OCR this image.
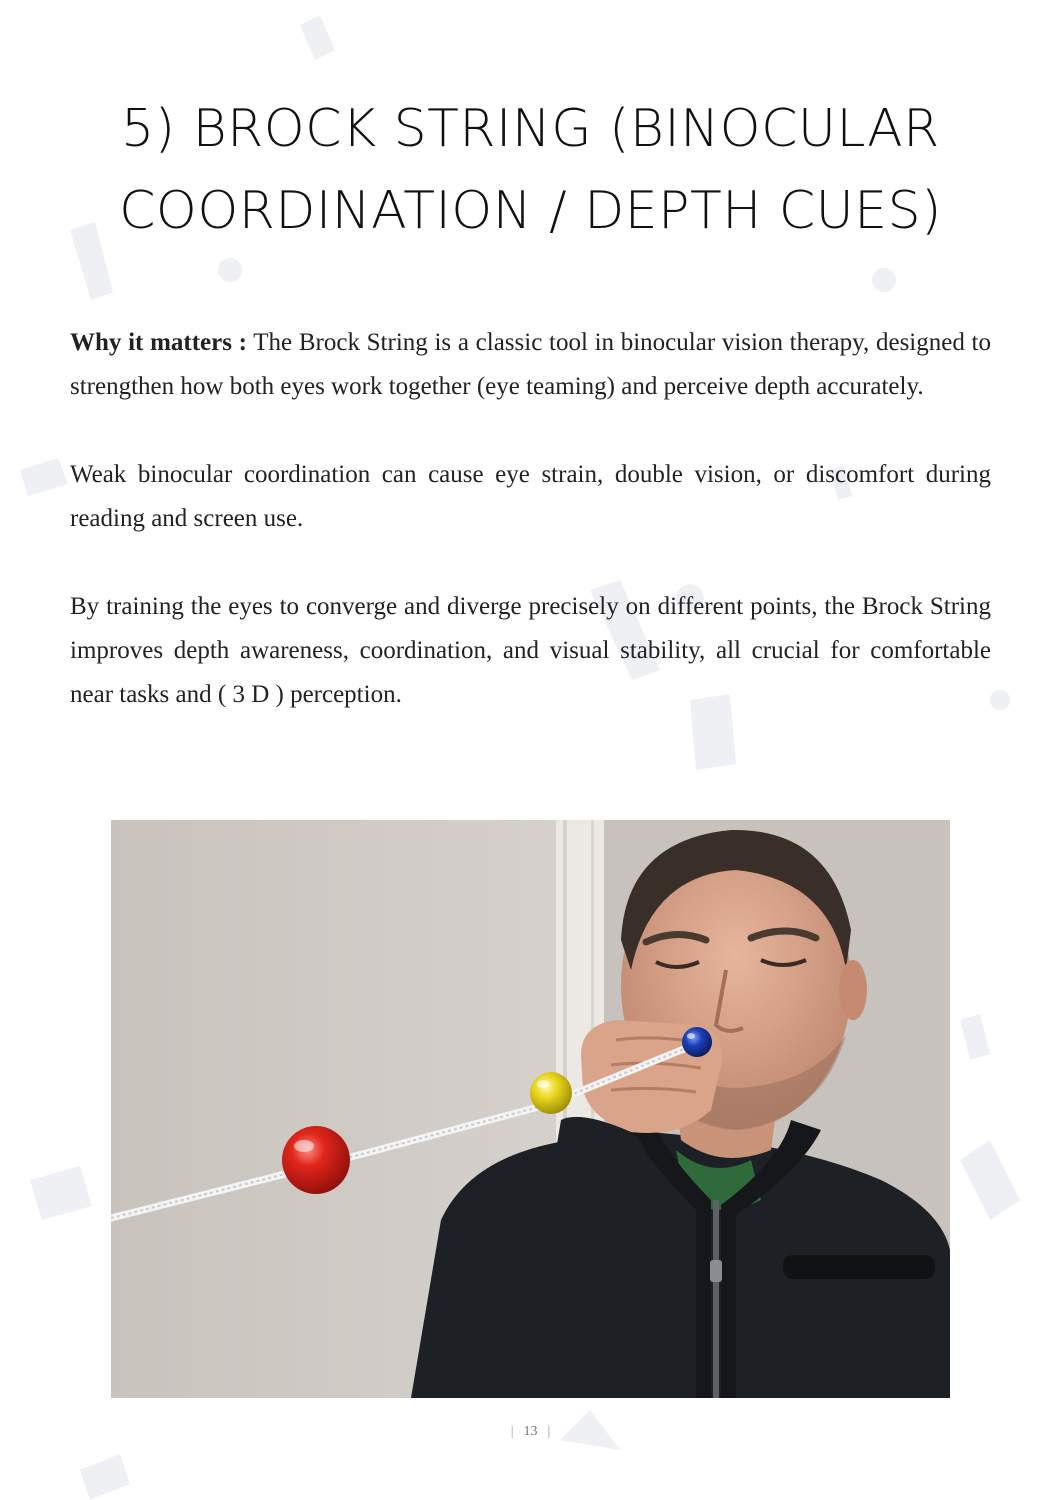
5) BROCK STRING (BINOCULAR COORDINATION / DEPTH CUES)

Why it matters : The Brock String is a classic tool in binocular vision therapy, designed to strengthen how both eyes work together (eye teaming) and perceive depth accurately.

Weak binocular coordination can cause eye strain, double vision, or discomfort during reading and screen use.

By training the eyes to converge and diverge precisely on different points, the Brock String improves depth awareness, coordination, and visual stability, all crucial for comfortable near tasks and ( 3 D ) perception.

| 13 |
